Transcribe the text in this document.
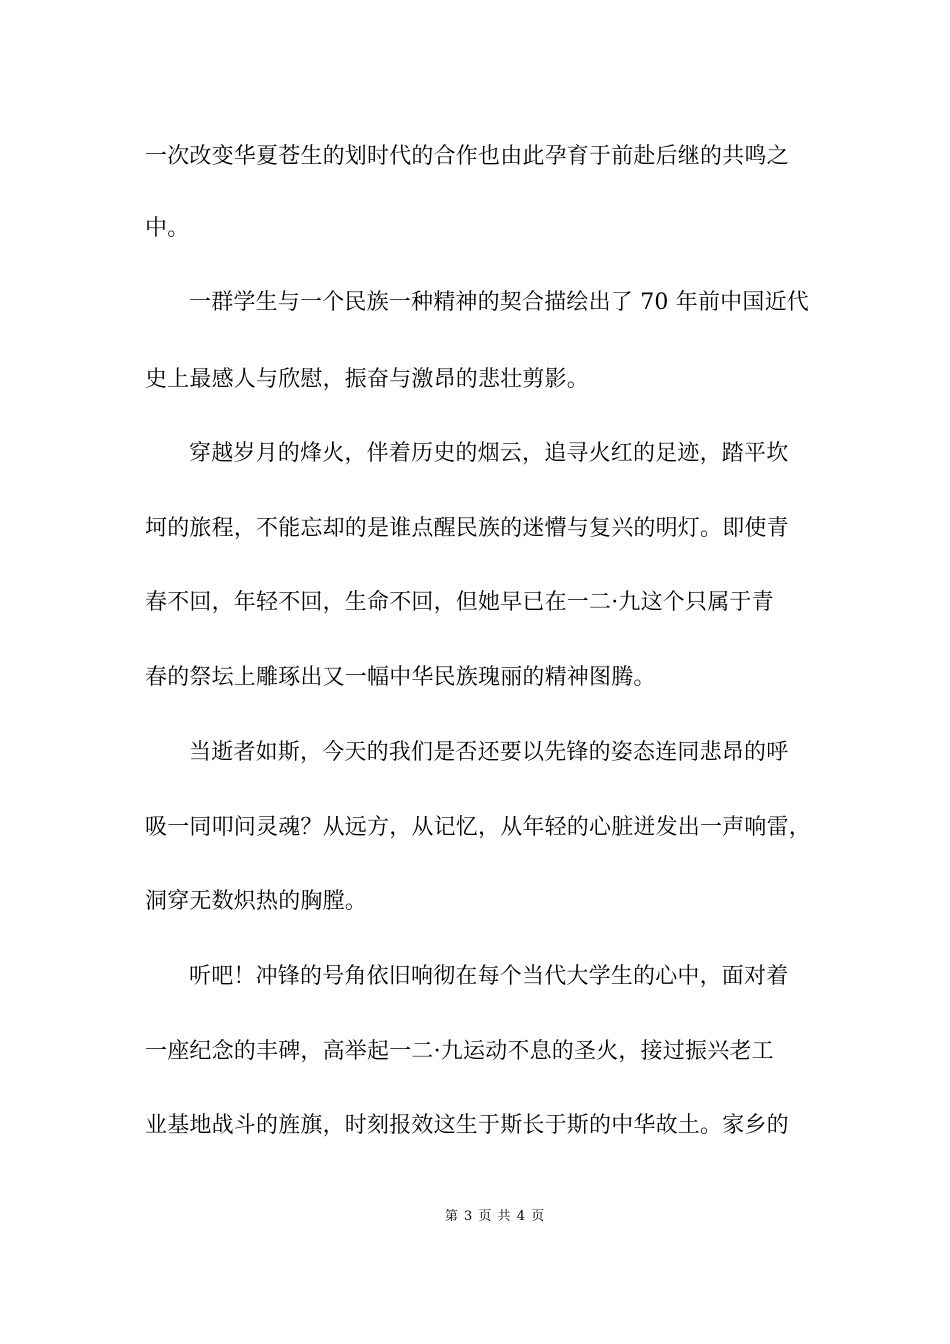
一次改变华夏苍生的划时代的合作也由此孕育于前赴后继的共鸣之
中。
一群学生与一个民族一种精神的契合描绘出了 70 年前中国近代
史上最感人与欣慰，振奋与激昂的悲壮剪影。
穿越岁月的烽火，伴着历史的烟云，追寻火红的足迹，踏平坎
坷的旅程，不能忘却的是谁点醒民族的迷懵与复兴的明灯。即使青
春不回，年轻不回，生命不回，但她早已在一二·九这个只属于青
春的祭坛上雕琢出又一幅中华民族瑰丽的精神图腾。
当逝者如斯，今天的我们是否还要以先锋的姿态连同悲昂的呼
吸一同叩问灵魂？从远方，从记忆，从年轻的心脏迸发出一声响雷，
洞穿无数炽热的胸膛。
听吧！冲锋的号角依旧响彻在每个当代大学生的心中，面对着
一座纪念的丰碑，高举起一二·九运动不息的圣火，接过振兴老工
业基地战斗的旌旗，时刻报效这生于斯长于斯的中华故土。家乡的
第 3 页 共 4 页
